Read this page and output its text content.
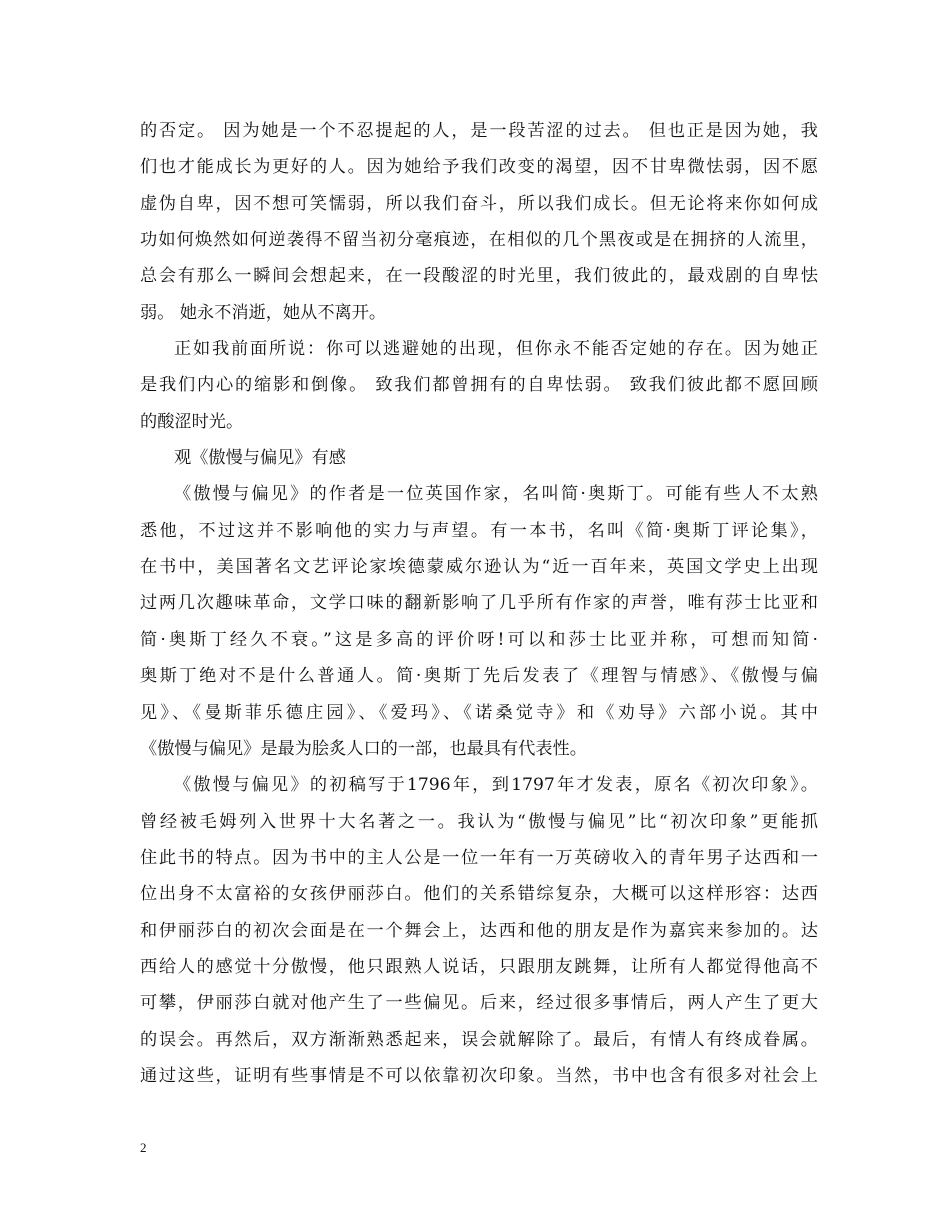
的否定。 因为她是一个不忍提起的人，是一段苦涩的过去。 但也正是因为她，我
们也才能成长为更好的人。因为她给予我们改变的渴望，因不甘卑微怯弱，因不愿
虚伪自卑，因不想可笑懦弱，所以我们奋斗，所以我们成长。但无论将来你如何成
功如何焕然如何逆袭得不留当初分毫痕迹，在相似的几个黑夜或是在拥挤的人流里，
总会有那么一瞬间会想起来，在一段酸涩的时光里，我们彼此的，最戏剧的自卑怯
弱。 她永不消逝，她从不离开。
正如我前面所说：你可以逃避她的出现，但你永不能否定她的存在。因为她正
是我们内心的缩影和倒像。 致我们都曾拥有的自卑怯弱。 致我们彼此都不愿回顾
的酸涩时光。
观《傲慢与偏见》有感
《傲慢与偏见》的作者是一位英国作家，名叫简·奥斯丁。可能有些人不太熟
悉他，不过这并不影响他的实力与声望。有一本书，名叫《简·奥斯丁评论集》，
在书中，美国著名文艺评论家埃德蒙威尔逊认为“近一百年来，英国文学史上出现
过两几次趣味革命，文学口味的翻新影响了几乎所有作家的声誉，唯有莎士比亚和
简·奥斯丁经久不衰。”这是多高的评价呀!可以和莎士比亚并称，可想而知简·
奥斯丁绝对不是什么普通人。简·奥斯丁先后发表了《理智与情感》、《傲慢与偏
见》、《曼斯菲乐德庄园》、《爱玛》、《诺桑觉寺》和《劝导》六部小说。其中
《傲慢与偏见》是最为脍炙人口的一部，也最具有代表性。
《傲慢与偏见》的初稿写于1796年，到1797年才发表，原名《初次印象》。
曾经被毛姆列入世界十大名著之一。我认为“傲慢与偏见”比“初次印象”更能抓
住此书的特点。因为书中的主人公是一位一年有一万英磅收入的青年男子达西和一
位出身不太富裕的女孩伊丽莎白。他们的关系错综复杂，大概可以这样形容：达西
和伊丽莎白的初次会面是在一个舞会上，达西和他的朋友是作为嘉宾来参加的。达
西给人的感觉十分傲慢，他只跟熟人说话，只跟朋友跳舞，让所有人都觉得他高不
可攀，伊丽莎白就对他产生了一些偏见。后来，经过很多事情后，两人产生了更大
的误会。再然后，双方渐渐熟悉起来，误会就解除了。最后，有情人有终成眷属。
通过这些，证明有些事情是不可以依靠初次印象。当然，书中也含有很多对社会上
2
